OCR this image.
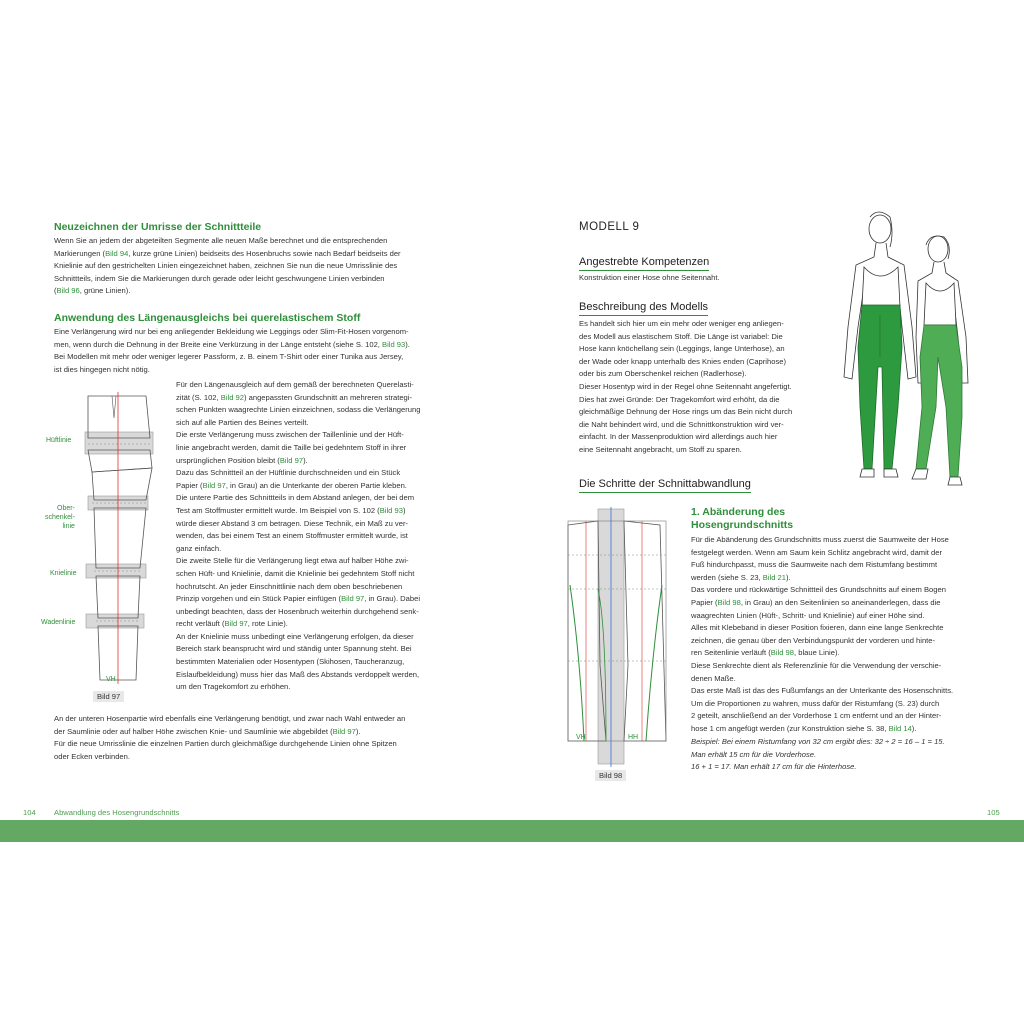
Neuzeichnen der Umrisse der Schnittteile

Wenn Sie an jedem der abgeteilten Segmente alle neuen Maße berechnet und die entsprechenden

Markierungen (Bild 94, kurze grüne Linien) beidseits des Hosenbruchs sowie nach Bedarf beidseits der

Knielinie auf den gestrichelten Linien eingezeichnet haben, zeichnen Sie nun die neue Umrisslinie des

Schnittteils, indem Sie die Markierungen durch gerade oder leicht geschwungene Linien verbinden

(Bild 96, grüne Linien).

Anwendung des Längenausgleichs bei querelastischem Stoff

Eine Verlängerung wird nur bei eng anliegender Bekleidung wie Leggings oder Slim-Fit-Hosen vorgenom-

men, wenn durch die Dehnung in der Breite eine Verkürzung in der Länge entsteht (siehe S. 102, Bild 93).

Bei Modellen mit mehr oder weniger legerer Passform, z. B. einem T-Shirt oder einer Tunika aus Jersey,

ist dies hingegen nicht nötig.

Für den Längenausgleich auf dem gemäß der berechneten Querelasti-

zität (S. 102, Bild 92) angepassten Grundschnitt an mehreren strategi-

schen Punkten waagrechte Linien einzeichnen, sodass die Verlängerung

sich auf alle Partien des Beines verteilt.

Die erste Verlängerung muss zwischen der Taillenlinie und der Hüft-

linie angebracht werden, damit die Taille bei gedehntem Stoff in ihrer

ursprünglichen Position bleibt (Bild 97).

Dazu das Schnittteil an der Hüftlinie durchschneiden und ein Stück

Papier (Bild 97, in Grau) an die Unterkante der oberen Partie kleben.

Die untere Partie des Schnittteils in dem Abstand anlegen, der bei dem

Test am Stoffmuster ermittelt wurde. Im Beispiel von S. 102 (Bild 93)

würde dieser Abstand 3 cm betragen. Diese Technik, ein Maß zu ver-

wenden, das bei einem Test an einem Stoffmuster ermittelt wurde, ist

ganz einfach.

Die zweite Stelle für die Verlängerung liegt etwa auf halber Höhe zwi-

schen Hüft- und Knielinie, damit die Knielinie bei gedehntem Stoff nicht

hochrutscht. An jeder Einschnittlinie nach dem oben beschriebenen

Prinzip vorgehen und ein Stück Papier einfügen (Bild 97, in Grau). Dabei

unbedingt beachten, dass der Hosenbruch weiterhin durchgehend senk-

recht verläuft (Bild 97, rote Linie).

An der Knielinie muss unbedingt eine Verlängerung erfolgen, da dieser

Bereich stark beansprucht wird und ständig unter Spannung steht. Bei

bestimmten Materialien oder Hosentypen (Skihosen, Taucheranzug,

Eislaufbekleidung) muss hier das Maß des Abstands verdoppelt werden,

um den Tragekomfort zu erhöhen.

An der unteren Hosenpartie wird ebenfalls eine Verlängerung benötigt, und zwar nach Wahl entweder an

der Saumlinie oder auf halber Höhe zwischen Knie- und Saumlinie wie abgebildet (Bild 97).

Für die neue Umrisslinie die einzelnen Partien durch gleichmäßige durchgehende Linien ohne Spitzen

oder Ecken verbinden.

VH
Hüftlinie
Ober-
schenkel-
linie
Knielinie
Wadenlinie
Bild 97
104 Abwandlung des Hosengrundschnitts
MODELL 9
Angestrebte Kompetenzen

Konstruktion einer Hose ohne Seitennaht.

Beschreibung des Modells

Es handelt sich hier um ein mehr oder weniger eng anliegen-

des Modell aus elastischem Stoff. Die Länge ist variabel: Die

Hose kann knöchellang sein (Leggings, lange Unterhose), an

der Wade oder knapp unterhalb des Knies enden (Caprihose)

oder bis zum Oberschenkel reichen (Radlerhose).

Dieser Hosentyp wird in der Regel ohne Seitennaht angefertigt.

Dies hat zwei Gründe: Der Tragekomfort wird erhöht, da die

gleichmäßige Dehnung der Hose rings um das Bein nicht durch

die Naht behindert wird, und die Schnittkonstruktion wird ver-

einfacht. In der Massenproduktion wird allerdings auch hier

eine Seitennaht angebracht, um Stoff zu sparen.

Die Schritte der Schnittabwandlung
1. Abänderung des
Hosengrundschnitts

Für die Abänderung des Grundschnitts muss zuerst die Saumweite der Hose

festgelegt werden. Wenn am Saum kein Schlitz angebracht wird, damit der

Fuß hindurchpasst, muss die Saumweite nach dem Ristumfang bestimmt

werden (siehe S. 23, Bild 21).

Das vordere und rückwärtige Schnittteil des Grundschnitts auf einem Bogen

Papier (Bild 98, in Grau) an den Seitenlinien so aneinanderlegen, dass die

waagrechten Linien (Hüft-, Schritt- und Knielinie) auf einer Höhe sind.

Alles mit Klebeband in dieser Position fixieren, dann eine lange Senkrechte

zeichnen, die genau über den Verbindungspunkt der vorderen und hinte-

ren Seitenlinie verläuft (Bild 98, blaue Linie).

Diese Senkrechte dient als Referenzlinie für die Verwendung der verschie-

denen Maße.

Das erste Maß ist das des Fußumfangs an der Unterkante des Hosenschnitts.

Um die Proportionen zu wahren, muss dafür der Ristumfang (S. 23) durch

2 geteilt, anschließend an der Vorderhose 1 cm entfernt und an der Hinter-

hose 1 cm angefügt werden (zur Konstruktion siehe S. 38, Bild 14).

Beispiel: Bei einem Ristumfang von 32 cm ergibt dies: 32 ÷ 2 = 16 – 1 = 15.

Man erhält 15 cm für die Vorderhose.

16 + 1 = 17. Man erhält 17 cm für die Hinterhose.

VH	HH
Bild 98
105
